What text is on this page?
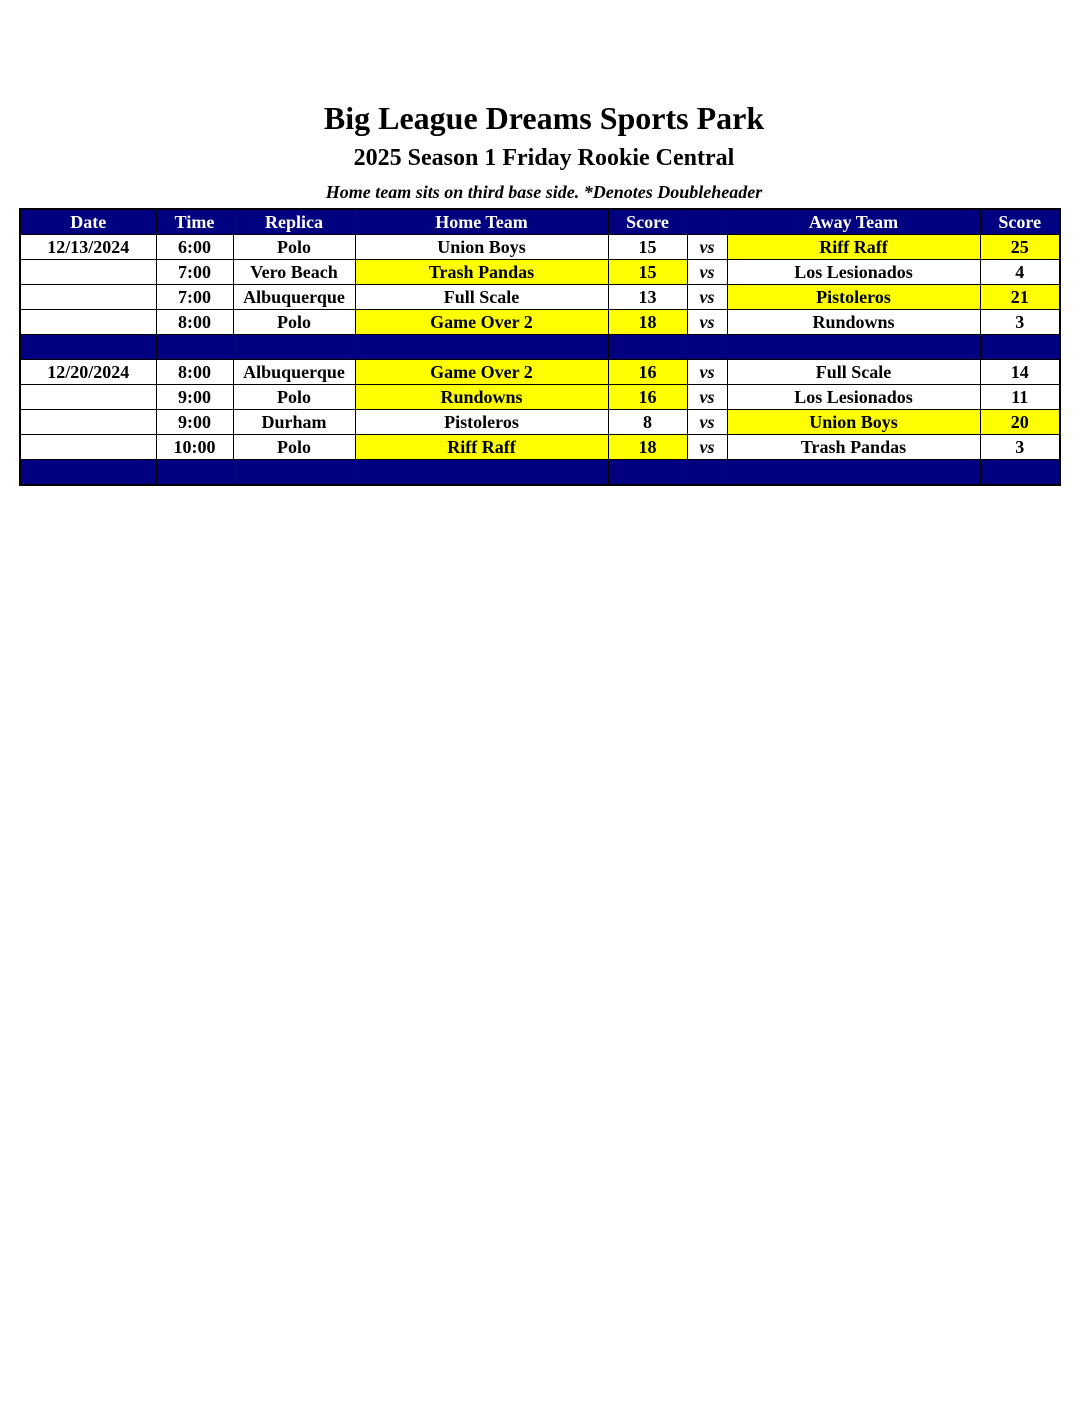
Big League Dreams Sports Park
2025 Season 1 Friday Rookie Central
Home team sits on third base side. *Denotes Doubleheader
Date	Time	Replica	Home Team	Score		Away Team	Score
12/13/2024	6:00	Polo	Union Boys	15	vs	Riff Raff	25
	7:00	Vero Beach	Trash Pandas	15	vs	Los Lesionados	4
	7:00	Albuquerque	Full Scale	13	vs	Pistoleros	21
	8:00	Polo	Game Over 2	18	vs	Rundowns	3

12/20/2024	8:00	Albuquerque	Game Over 2	16	vs	Full Scale	14
	9:00	Polo	Rundowns	16	vs	Los Lesionados	11
	9:00	Durham	Pistoleros	8	vs	Union Boys	20
	10:00	Polo	Riff Raff	18	vs	Trash Pandas	3
